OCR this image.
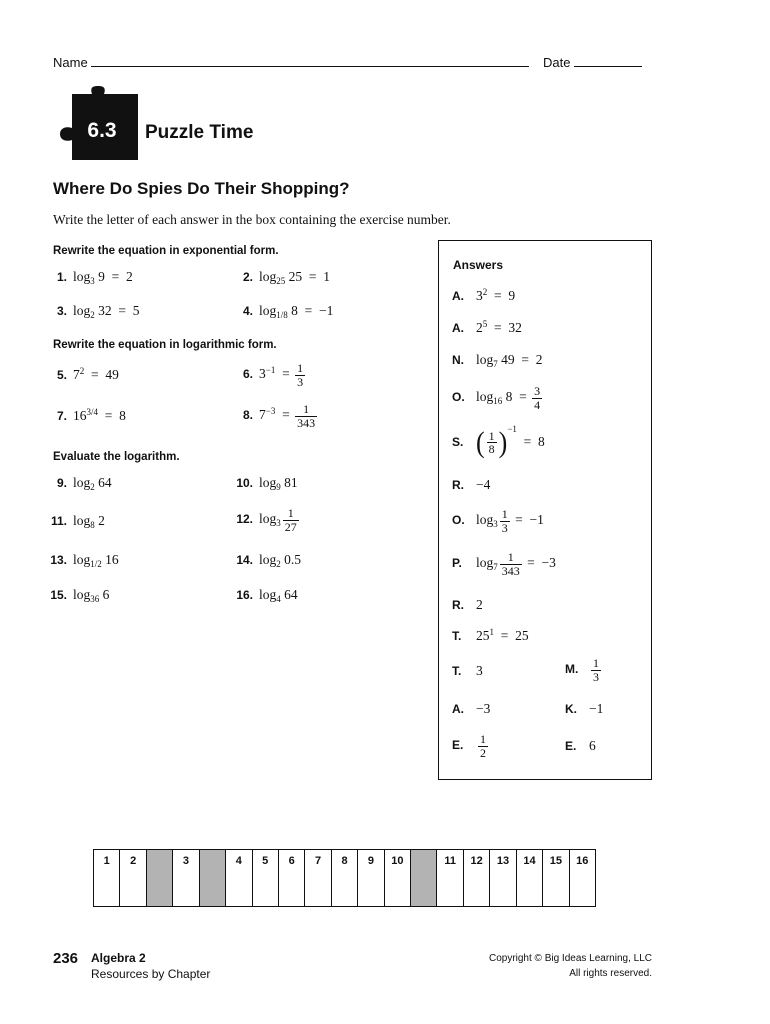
Name	Date
6.3	Puzzle Time
Where Do Spies Do Their Shopping?
Write the letter of each answer in the box containing the exercise number.
Rewrite the equation in exponential form.
1. $\log_3 9 = 2$	2. $\log_{25} 25 = 1$
3. $\log_2 32 = 5$	4. $\log_{1/8} 8 = -1$
Rewrite the equation in logarithmic form.
5. $7^2 = 49$	6. $3^{-1} = \frac{1}{3}$
7. $16^{3/4} = 8$	8. $7^{-3} = \frac{1}{343}$
Evaluate the logarithm.
9. $\log_2 64$	10. $\log_9 81$
11. $\log_8 2$	12. $\log_3 \frac{1}{27}$
13. $\log_{1/2} 16$	14. $\log_2 0.5$
15. $\log_{36} 6$	16. $\log_4 64$
Answers
A. $3^2 = 9$
A. $2^5 = 32$
N. $\log_7 49 = 2$
O. $\log_{16} 8 = \frac{3}{4}$
S. ( $\frac{1}{8} )^{-1} = 8$
R. −4
O. $\log_3 \frac{1}{3} = -1$
P. $\log_7 \frac{1}{343} = -3$
R. 2
T. $25^1 = 25$
T. 3	M. $\frac{1}{3}$
A. −3	K. −1
E. $\frac{1}{2}$	E. 6
1	2	3	4	5	6	7	8	9	10	11	12	13	14	15	16
236 Algebra 2
Resources by Chapter
Copyright © Big Ideas Learning, LLC
All rights reserved.
